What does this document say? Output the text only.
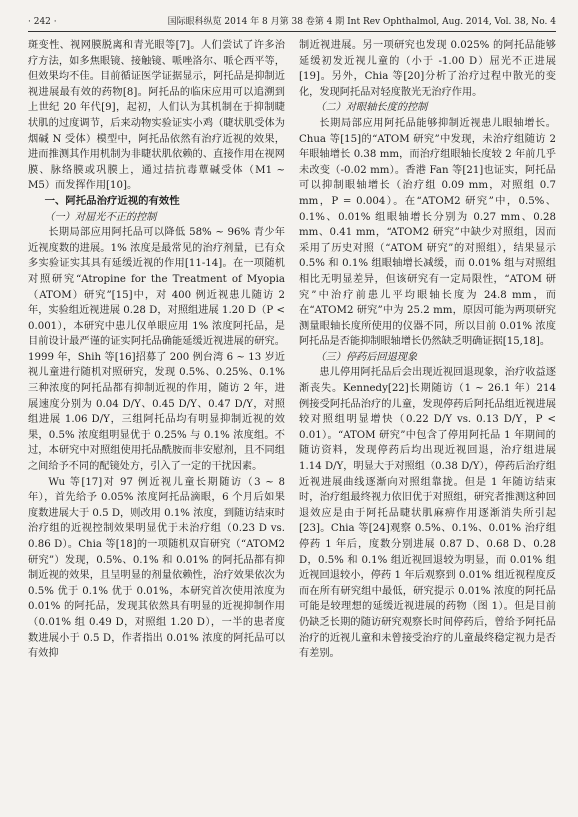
· 242 ·	国际眼科纵览 2014 年 8 月第 38 卷第 4 期 Int Rev Ophthalmol, Aug. 2014, Vol. 38, No. 4

斑变性、视网膜脱离和青光眼等[7]。人们尝试了许多治疗方法，如多焦眼镜、接触镜、哌唑洛尔、哌仑西平等，但效果均不佳。目前循证医学证据显示，阿托品是抑制近视进展最有效的药物[8]。阿托品的临床应用可以追溯到上世纪 20 年代[9]，起初，人们认为其机制在于抑制睫状肌的过度调节，后来动物实验证实小鸡（睫状肌受体为烟碱 N 受体）模型中，阿托品依然有治疗近视的效果，进而推测其作用机制为非睫状肌依赖的、直接作用在视网膜、脉络膜或巩膜上，通过拮抗毒蕈碱受体（M1 ~ M5）而发挥作用[10]。

一、阿托品治疗近视的有效性

（一）对屈光不正的控制

长期局部应用阿托品可以降低 58% ~ 96% 青少年近视度数的进展。1% 浓度是最常见的治疗剂量，已有众多实验证实其具有延缓近视的作用[11-14]。在一项随机对照研究“Atropine for the Treatment of Myopia（ATOM）研究”[15]中，对 400 例近视患儿随访 2 年，实验组近视进展 0.28 D，对照组进展 1.20 D（P < 0.001），本研究中患儿仅单眼应用 1% 浓度阿托品，是目前设计最严谨的证实阿托品确能延缓近视进展的研究。1999 年，Shih 等[16]招募了 200 例台湾 6 ~ 13 岁近视儿童进行随机对照研究，发现 0.5%、0.25%、0.1% 三种浓度的阿托品都有抑制近视的作用，随访 2 年，进展速度分别为 0.04 D/Y、0.45 D/Y、0.47 D/Y，对照组进展 1.06 D/Y，三组阿托品均有明显抑制近视的效果，0.5% 浓度组明显优于 0.25% 与 0.1% 浓度组。不过，本研究中对照组使用托品酰胺而非安慰剂，且不同组之间给予不同的配镜处方，引入了一定的干扰因素。

Wu 等[17]对 97 例近视儿童长期随访（3 ~ 8 年），首先给予 0.05% 浓度阿托品滴眼，6 个月后如果度数进展大于 0.5 D，则改用 0.1% 浓度，到随访结束时治疗组的近视控制效果明显优于未治疗组（0.23 D vs. 0.86 D）。Chia 等[18]的一项随机双盲研究（“ATOM2 研究”）发现，0.5%、0.1% 和 0.01% 的阿托品都有抑制近视的效果，且呈明显的剂量依赖性，治疗效果依次为 0.5% 优于 0.1% 优于 0.01%，本研究首次使用浓度为 0.01% 的阿托品，发现其依然具有明显的近视抑制作用（0.01% 组 0.49 D，对照组 1.20 D），一半的患者度数进展小于 0.5 D，作者指出 0.01% 浓度的阿托品可以有效抑

制近视进展。另一项研究也发现 0.025% 的阿托品能够延缓初发近视儿童的（小于 -1.00 D）屈光不正进展[19]。另外，Chia 等[20]分析了治疗过程中散光的变化，发现阿托品对轻度散光无治疗作用。

（二）对眼轴长度的控制

长期局部应用阿托品能够抑制近视患儿眼轴增长。Chua 等[15]的“ATOM 研究”中发现，未治疗组随访 2 年眼轴增长 0.38 mm，而治疗组眼轴长度较 2 年前几乎未改变（-0.02 mm）。香港 Fan 等[21]也证实，阿托品可以抑制眼轴增长（治疗组 0.09 mm，对照组 0.7 mm，P = 0.004）。在“ATOM2 研究”中，0.5%、0.1%、0.01% 组眼轴增长分别为 0.27 mm、0.28 mm、0.41 mm，“ATOM2 研究”中缺少对照组，因而采用了历史对照（“ATOM 研究”的对照组），结果显示 0.5% 和 0.1% 组眼轴增长减缓，而 0.01% 组与对照组相比无明显差异，但该研究有一定局限性，“ATOM 研究”中治疗前患儿平均眼轴长度为 24.8 mm，而在“ATOM2 研究”中为 25.2 mm，原因可能为两项研究测量眼轴长度所使用的仪器不同，所以目前 0.01% 浓度阿托品是否能抑制眼轴增长仍然缺乏明确证据[15,18]。

（三）停药后回退现象

患儿停用阿托品后会出现近视回退现象，治疗收益逐渐丧失。Kennedy[22]长期随访（1 ~ 26.1 年）214 例接受阿托品治疗的儿童，发现停药后阿托品组近视进展较对照组明显增快（0.22 D/Y vs. 0.13 D/Y，P < 0.01）。“ATOM 研究”中包含了停用阿托品 1 年期间的随访资料，发现停药后均出现近视回退，治疗组进展 1.14 D/Y，明显大于对照组（0.38 D/Y），停药后治疗组近视进展曲线逐渐向对照组靠拢。但是 1 年随访结束时，治疗组最终视力依旧优于对照组，研究者推测这种回退效应是由于阿托品睫状肌麻痹作用逐渐消失所引起[23]。Chia 等[24]观察 0.5%、0.1%、0.01% 治疗组停药 1 年后，度数分别进展 0.87 D、0.68 D、0.28 D，0.5% 和 0.1% 组近视回退较为明显，而 0.01% 组近视回退较小，停药 1 年后观察到 0.01% 组近视程度反而在所有研究组中最低，研究提示 0.01% 浓度的阿托品可能是较理想的延缓近视进展的药物（图 1）。但是目前仍缺乏长期的随访研究观察长时间停药后，曾给予阿托品治疗的近视儿童和未曾接受治疗的儿童最终稳定视力是否有差别。
